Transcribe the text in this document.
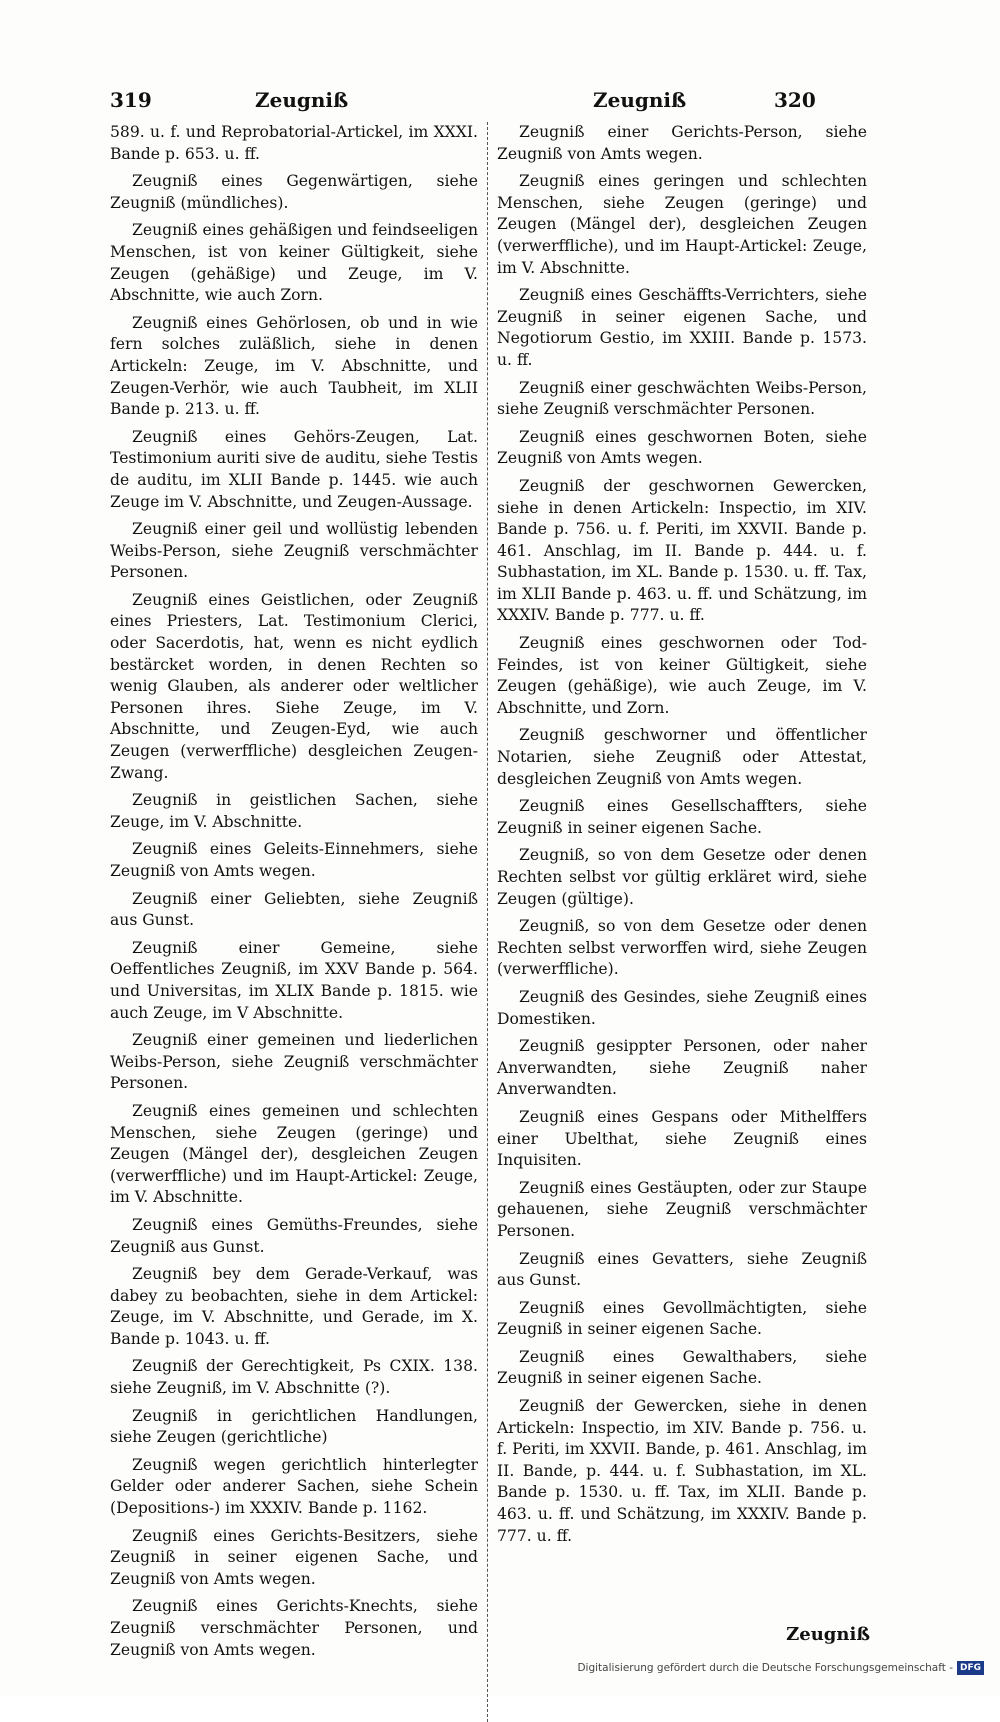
319	Zeugniß	Zeugniß	320

589. u. f. und Reprobatorial-Artickel, im XXXI. Bande p. 653. u. ff.

Zeugniß eines Gegenwärtigen, siehe Zeugniß (mündliches).

Zeugniß eines gehäßigen und feindseeligen Menschen, ist von keiner Gültigkeit, siehe Zeugen (gehäßige) und Zeuge, im V. Abschnitte, wie auch Zorn.

Zeugniß eines Gehörlosen, ob und in wie fern solches zuläßlich, siehe in denen Artickeln: Zeuge, im V. Abschnitte, und Zeugen-Verhör, wie auch Taubheit, im XLII Bande p. 213. u. ff.

Zeugniß eines Gehörs-Zeugen, Lat. Testimonium auriti sive de auditu, siehe Testis de auditu, im XLII Bande p. 1445. wie auch Zeuge im V. Abschnitte, und Zeugen-Aussage.

Zeugniß einer geil und wollüstig lebenden Weibs-Person, siehe Zeugniß verschmächter Personen.

Zeugniß eines Geistlichen, oder Zeugniß eines Priesters, Lat. Testimonium Clerici, oder Sacerdotis, hat, wenn es nicht eydlich bestärcket worden, in denen Rechten so wenig Glauben, als anderer oder weltlicher Personen ihres. Siehe Zeuge, im V. Abschnitte, und Zeugen-Eyd, wie auch Zeugen (verwerffliche) desgleichen Zeugen-Zwang.

Zeugniß in geistlichen Sachen, siehe Zeuge, im V. Abschnitte.

Zeugniß eines Geleits-Einnehmers, siehe Zeugniß von Amts wegen.

Zeugniß einer Geliebten, siehe Zeugniß aus Gunst.

Zeugniß einer Gemeine, siehe Oeffentliches Zeugniß, im XXV Bande p. 564. und Universitas, im XLIX Bande p. 1815. wie auch Zeuge, im V Abschnitte.

Zeugniß einer gemeinen und liederlichen Weibs-Person, siehe Zeugniß verschmächter Personen.

Zeugniß eines gemeinen und schlechten Menschen, siehe Zeugen (geringe) und Zeugen (Mängel der), desgleichen Zeugen (verwerffliche) und im Haupt-Artickel: Zeuge, im V. Abschnitte.

Zeugniß eines Gemüths-Freundes, siehe Zeugniß aus Gunst.

Zeugniß bey dem Gerade-Verkauf, was dabey zu beobachten, siehe in dem Artickel: Zeuge, im V. Abschnitte, und Gerade, im X. Bande p. 1043. u. ff.

Zeugniß der Gerechtigkeit, Ps CXIX. 138. siehe Zeugniß, im V. Abschnitte (?).

Zeugniß in gerichtlichen Handlungen, siehe Zeugen (gerichtliche)

Zeugniß wegen gerichtlich hinterlegter Gelder oder anderer Sachen, siehe Schein (Depositions-) im XXXIV. Bande p. 1162.

Zeugniß eines Gerichts-Besitzers, siehe Zeugniß in seiner eigenen Sache, und Zeugniß von Amts wegen.

Zeugniß eines Gerichts-Knechts, siehe Zeugniß verschmächter Personen, und Zeugniß von Amts wegen.

Zeugniß einer Gerichts-Person, siehe Zeugniß von Amts wegen.

Zeugniß eines geringen und schlechten Menschen, siehe Zeugen (geringe) und Zeugen (Mängel der), desgleichen Zeugen (verwerffliche), und im Haupt-Artickel: Zeuge, im V. Abschnitte.

Zeugniß eines Geschäffts-Verrichters, siehe Zeugniß in seiner eigenen Sache, und Negotiorum Gestio, im XXIII. Bande p. 1573. u. ff.

Zeugniß einer geschwächten Weibs-Person, siehe Zeugniß verschmächter Personen.

Zeugniß eines geschwornen Boten, siehe Zeugniß von Amts wegen.

Zeugniß der geschwornen Gewercken, siehe in denen Artickeln: Inspectio, im XIV. Bande p. 756. u. f. Periti, im XXVII. Bande p. 461. Anschlag, im II. Bande p. 444. u. f. Subhastation, im XL. Bande p. 1530. u. ff. Tax, im XLII Bande p. 463. u. ff. und Schätzung, im XXXIV. Bande p. 777. u. ff.

Zeugniß eines geschwornen oder Tod-Feindes, ist von keiner Gültigkeit, siehe Zeugen (gehäßige), wie auch Zeuge, im V. Abschnitte, und Zorn.

Zeugniß geschworner und öffentlicher Notarien, siehe Zeugniß oder Attestat, desgleichen Zeugniß von Amts wegen.

Zeugniß eines Gesellschaffters, siehe Zeugniß in seiner eigenen Sache.

Zeugniß, so von dem Gesetze oder denen Rechten selbst vor gültig erkläret wird, siehe Zeugen (gültige).

Zeugniß, so von dem Gesetze oder denen Rechten selbst verworffen wird, siehe Zeugen (verwerffliche).

Zeugniß des Gesindes, siehe Zeugniß eines Domestiken.

Zeugniß gesippter Personen, oder naher Anverwandten, siehe Zeugniß naher Anverwandten.

Zeugniß eines Gespans oder Mithelffers einer Ubelthat, siehe Zeugniß eines Inquisiten.

Zeugniß eines Gestäupten, oder zur Staupe gehauenen, siehe Zeugniß verschmächter Personen.

Zeugniß eines Gevatters, siehe Zeugniß aus Gunst.

Zeugniß eines Gevollmächtigten, siehe Zeugniß in seiner eigenen Sache.

Zeugniß eines Gewalthabers, siehe Zeugniß in seiner eigenen Sache.

Zeugniß der Gewercken, siehe in denen Artickeln: Inspectio, im XIV. Bande p. 756. u. f. Periti, im XXVII. Bande, p. 461. Anschlag, im II. Bande, p. 444. u. f. Subhastation, im XL. Bande p. 1530. u. ff. Tax, im XLII. Bande p. 463. u. ff. und Schätzung, im XXXIV. Bande p. 777. u. ff.

Zeugniß
Digitalisierung gefördert durch die Deutsche Forschungsgemeinschaft - DFG
